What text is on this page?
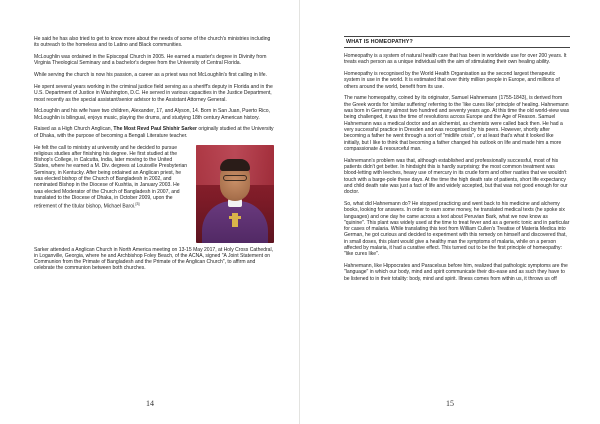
He said he has also tried to get to know more about the needs of some of the church's ministries including its outreach to the homeless and to Latino and Black communities.

McLoughlin was ordained in the Episcopal Church in 2005. He earned a master's degree in Divinity from Virginia Theological Seminary and a bachelor's degree from the University of Central Florida.

While serving the church is now his passion, a career as a priest was not McLoughlin's first calling in life.

He spent several years working in the criminal justice field serving as a sheriff's deputy in Florida and in the U.S. Department of Justice in Washington, D.C. He served in various capacities in the Justice Department, most recently as the special assistant/senior advisor to the Assistant Attorney General.

McLoughlin and his wife have two children, Alexander, 17, and Alyson, 14. Born in San Juan, Puerto Rico, McLoughlin is bilingual, enjoys music, playing the drums, and studying 18th century American history.

Raised as a High Church Anglican, The Most Revd Paul Shishir Sarker originally studied at the University of Dhaka, with the purpose of becoming a Bengali Literature teacher.

He felt the call to ministry at university and he decided to pursue religious studies after finishing his degree. He first studied at the Bishop's College, in Calcutta, India, later moving to the United States, where he earned a M. Div. degrees at Louisville Presbyterian Seminary, in Kentucky. After being ordained an Anglican priest, he was elected bishop of the Church of Bangladesh in 2002, and nominated Bishop in the Diocese of Kushtia, in January 2003. He was elected Moderator of the Church of Bangladesh in 2007, and translated to the Diocese of Dhaka, in October 2009, upon the retirement of the titular bishop, Michael Baroi.[3]

Sarker attended a Anglican Church in North America meeting on 13-15 May 2017, at Holy Cross Cathedral, in Loganville, Georgia, where he and Archbishop Foley Beach, of the ACNA, signed "A Joint Statement on Communion from the Primate of Bangladesh and the Primate of the Anglican Church", to affirm and celebrate the communion between both churches.

14
WHAT IS HOMEOPATHY?

Homeopathy is a system of natural health care that has been in worldwide use for over 200 years. It treats each person as a unique individual with the aim of stimulating their own healing ability.

Homeopathy is recognised by the World Health Organisation as the second largest therapeutic system in use in the world. It is estimated that over thirty million people in Europe, and millions of others around the world, benefit from its use.

The name homeopathy, coined by its originator, Samuel Hahnemann (1755-1843), is derived from the Greek words for 'similar suffering' referring to the 'like cures like' principle of healing. Hahnemann was born in Germany almost two hundred and seventy years ago. At this time the old world-view was being challenged, it was the time of revolutions across Europe and the Age of Reason. Samuel Hahnemann was a medical doctor and an alchemist, as chemists were called back then. He had a very successful practice in Dresden and was recognised by his peers. However, shortly after becoming a father he went through a sort of "midlife crisis", or at least that's what it looked like initially, but I like to think that becoming a father changed his outlook on life and made him a more compassionate & resourceful man.

Hahnemann's problem was that, although established and professionally successful, most of his patients didn't get better. In hindsight this is hardly surprising: the most common treatment was blood-letting with leeches, heavy use of mercury in its crude form and other nasties that we wouldn't touch with a barge-pole these days. At the time the high death rate of patients, short life expectancy and child death rate was just a fact of life and widely accepted, but that was not good enough for our doctor.

So, what did Hahnemann do? He stopped practicing and went back to his medicine and alchemy books, looking for answers. In order to earn some money, he translated medical texts (he spoke six languages) and one day he came across a text about Peruvian Bark, what we now know as "quinine". This plant was widely used at the time to treat fever and as a generic tonic and in particular for cases of malaria. While translating this text from William Cullen's Treatise of Materia Medica into German, he got curious and decided to experiment with this remedy on himself and discovered that, in small doses, this plant would give a healthy man the symptoms of malaria, while on a person affected by malaria, it had a curative effect. This turned out to be the first principle of homeopathy: "like cures like".

Hahnemann, like Hippocrates and Paracelsus before him, realized that pathologic symptoms are the "language" in which our body, mind and spirit communicate their dis-ease and as such they have to be listened to in their totality: body, mind and spirit. Illness comes from within us, it throws us off

15
